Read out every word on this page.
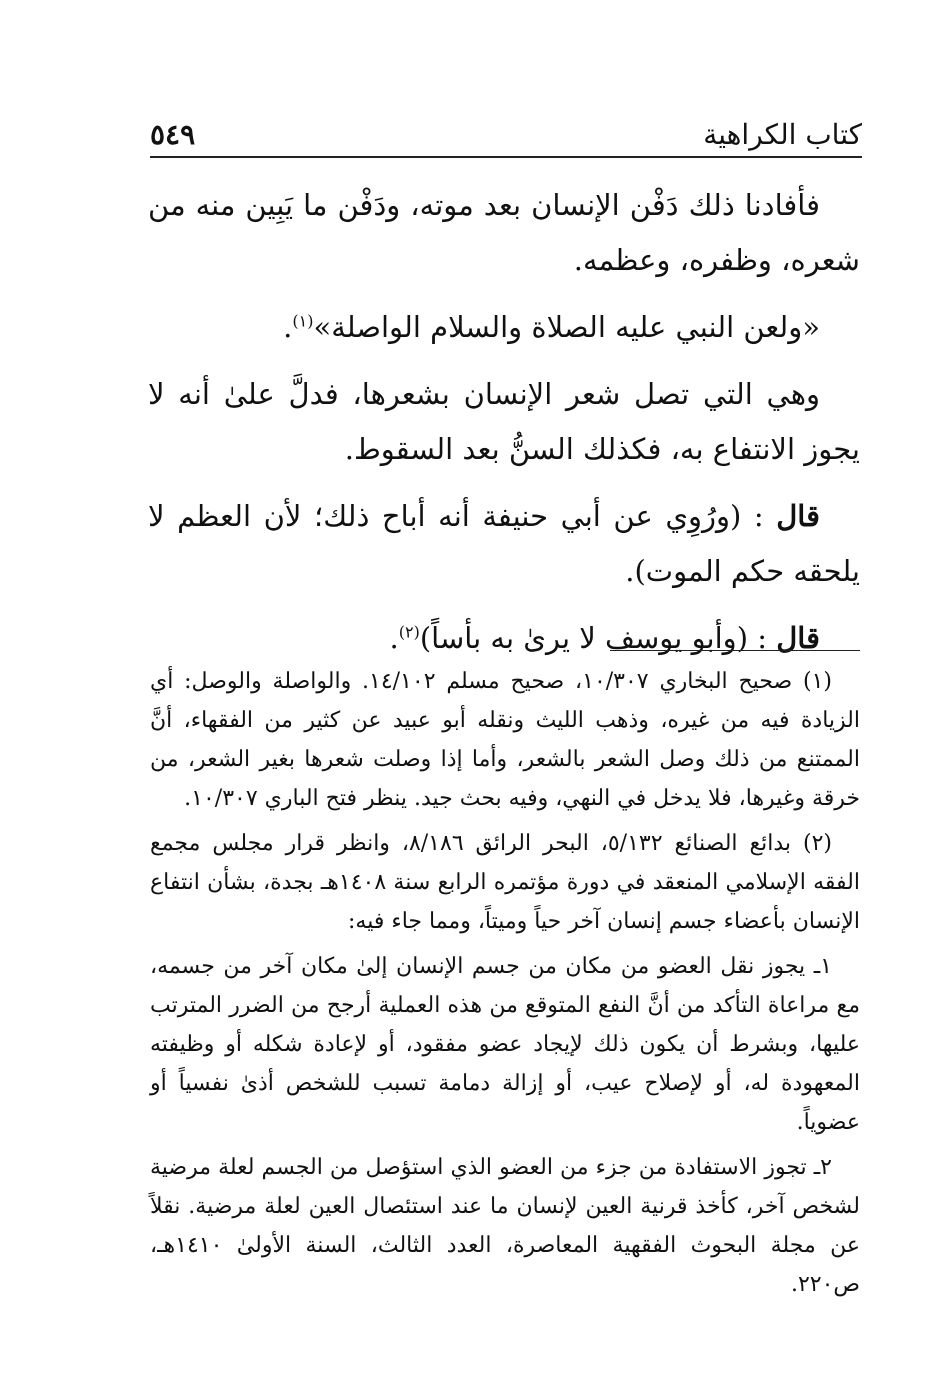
كتاب الكراهية
٥٤٩

فأفادنا ذلك دَفْن الإنسان بعد موته، ودَفْن ما يَبِين منه من شعره، وظفره، وعظمه.

«ولعن النبي عليه الصلاة والسلام الواصلة»$^{(١)}$.

وهي التي تصل شعر الإنسان بشعرها، فدلَّ علىٰ أنه لا يجوز الانتفاع به، فكذلك السنُّ بعد السقوط.

قال : (ورُوِي عن أبي حنيفة أنه أباح ذلك؛ لأن العظم لا يلحقه حكم الموت).

قال : (وأبو يوسف لا يرىٰ به بأساً)$^{(٢)}$.

(١) صحيح البخاري ١٠/٣٠٧، صحيح مسلم ١٤/١٠٢. والواصلة والوصل: أي الزيادة فيه من غيره، وذهب الليث ونقله أبو عبيد عن كثير من الفقهاء، أنَّ الممتنع من ذلك وصل الشعر بالشعر، وأما إذا وصلت شعرها بغير الشعر، من خرقة وغيرها، فلا يدخل في النهي، وفيه بحث جيد. ينظر فتح الباري ١٠/٣٠٧.

(٢) بدائع الصنائع ٥/١٣٢، البحر الرائق ٨/١٨٦، وانظر قرار مجلس مجمع الفقه الإسلامي المنعقد في دورة مؤتمره الرابع سنة ١٤٠٨هـ بجدة، بشأن انتفاع الإنسان بأعضاء جسم إنسان آخر حياً وميتاً، ومما جاء فيه:

١ـ يجوز نقل العضو من مكان من جسم الإنسان إلىٰ مكان آخر من جسمه، مع مراعاة التأكد من أنَّ النفع المتوقع من هذه العملية أرجح من الضرر المترتب عليها، وبشرط أن يكون ذلك لإيجاد عضو مفقود، أو لإعادة شكله أو وظيفته المعهودة له، أو لإصلاح عيب، أو إزالة دمامة تسبب للشخص أذىٰ نفسياً أو عضوياً.

٢ـ تجوز الاستفادة من جزء من العضو الذي استؤصل من الجسم لعلة مرضية لشخص آخر، كأخذ قرنية العين لإنسان ما عند استئصال العين لعلة مرضية. نقلاً عن مجلة البحوث الفقهية المعاصرة، العدد الثالث، السنة الأولىٰ ١٤١٠هـ، ص٢٢٠.
